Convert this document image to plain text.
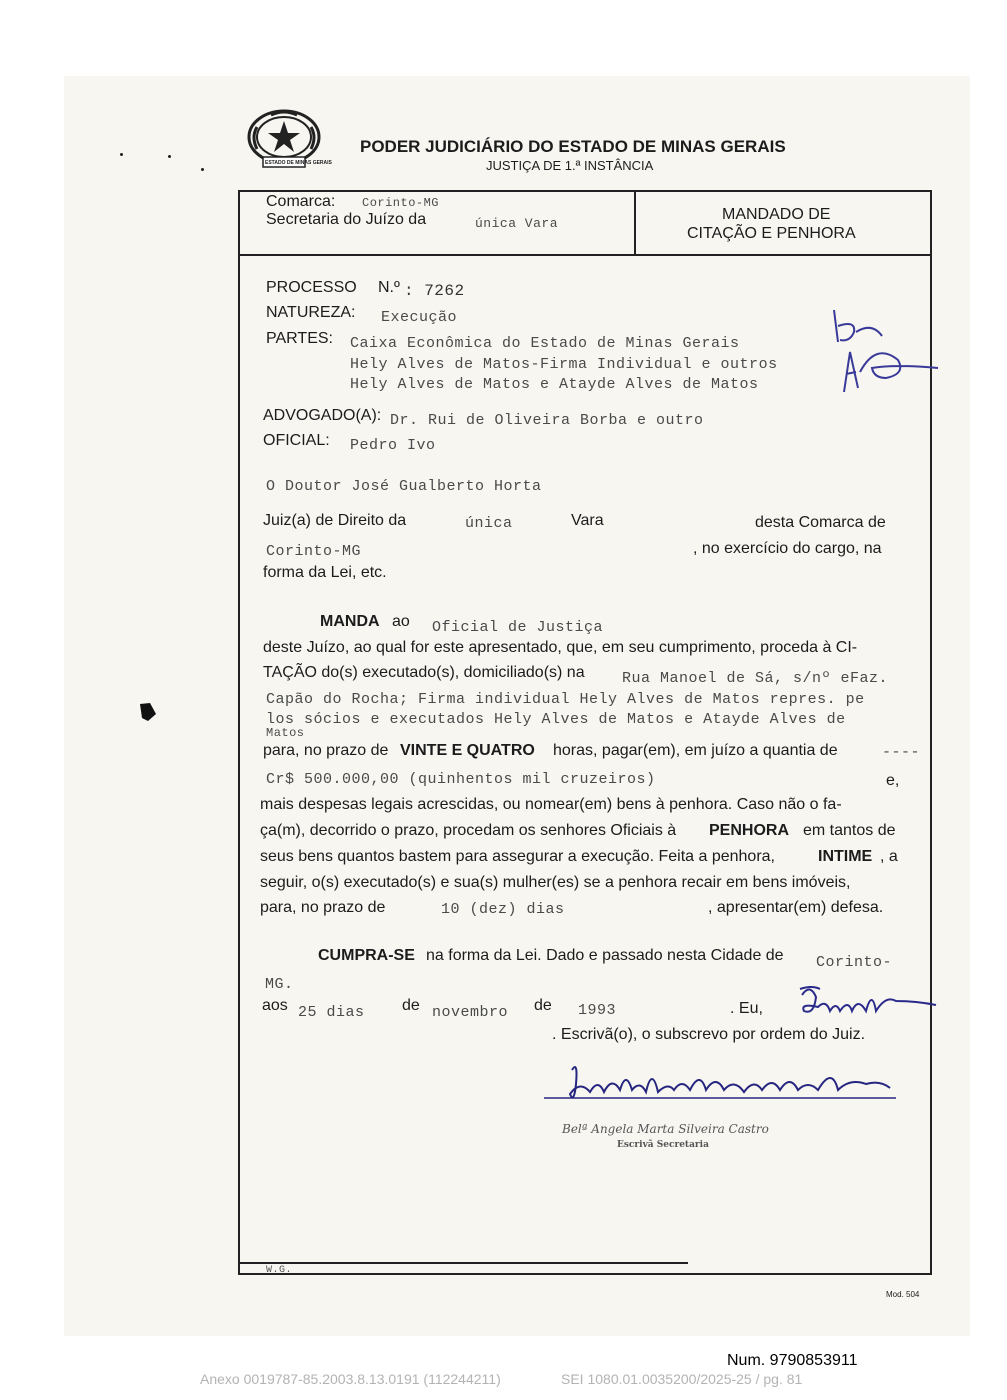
ESTADO DE MINAS GERAIS
PODER JUDICIÁRIO DO ESTADO DE MINAS GERAIS
JUSTIÇA DE 1.ª INSTÂNCIA
Comarca: Corinto-MG
Secretaria do Juízo da	única Vara
MANDADO DE
CITAÇÃO E PENHORA
PROCESSO N.º : 7262
NATUREZA: Execução
PARTES: Caixa Econômica do Estado de Minas Gerais
Hely Alves de Matos-Firma Individual e outros
Hely Alves de Matos e Atayde Alves de Matos
ADVOGADO(A): Dr. Rui de Oliveira Borba e outro
OFICIAL: Pedro Ivo
O Doutor José Gualberto Horta
Juiz(a) de Direito da	única	Vara	desta Comarca de
Corinto-MG	, no exercício do cargo, na
forma da Lei, etc.
MANDA ao Oficial de Justiça
deste Juízo, ao qual for este apresentado, que, em seu cumprimento, proceda à CI-
TAÇÃO do(s) executado(s), domiciliado(s) na Rua Manoel de Sá, s/nº eFaz.
Capão do Rocha; Firma individual Hely Alves de Matos repres. pe
los sócios e executados Hely Alves de Matos e Atayde Alves de
Matos
para, no prazo de VINTE E QUATRO horas, pagar(em), em juízo a quantia de	----
Cr$ 500.000,00 (quinhentos mil cruzeiros)	e,
mais despesas legais acrescidas, ou nomear(em) bens à penhora. Caso não o fa-
ça(m), decorrido o prazo, procedam os senhores Oficiais à PENHORA em tantos de
seus bens quantos bastem para assegurar a execução. Feita a penhora,	INTIME , a
seguir, o(s) executado(s) e sua(s) mulher(es) se a penhora recair em bens imóveis,
para, no prazo de	10 (dez) dias	, apresentar(em) defesa.
CUMPRA-SE na forma da Lei. Dado e passado nesta Cidade de Corinto-
MG.
aos 25 dias de novembro de 1993	. Eu,
. Escrivã(o), o subscrevo por ordem do Juiz.
Belª Angela Marta Silveira Castro
Escrivã Secretaria
W.G.
Mod. 504
Num. 9790853911
Anexo 0019787-85.2003.8.13.0191 (112244211)	SEI 1080.01.0035200/2025-25 / pg. 81
